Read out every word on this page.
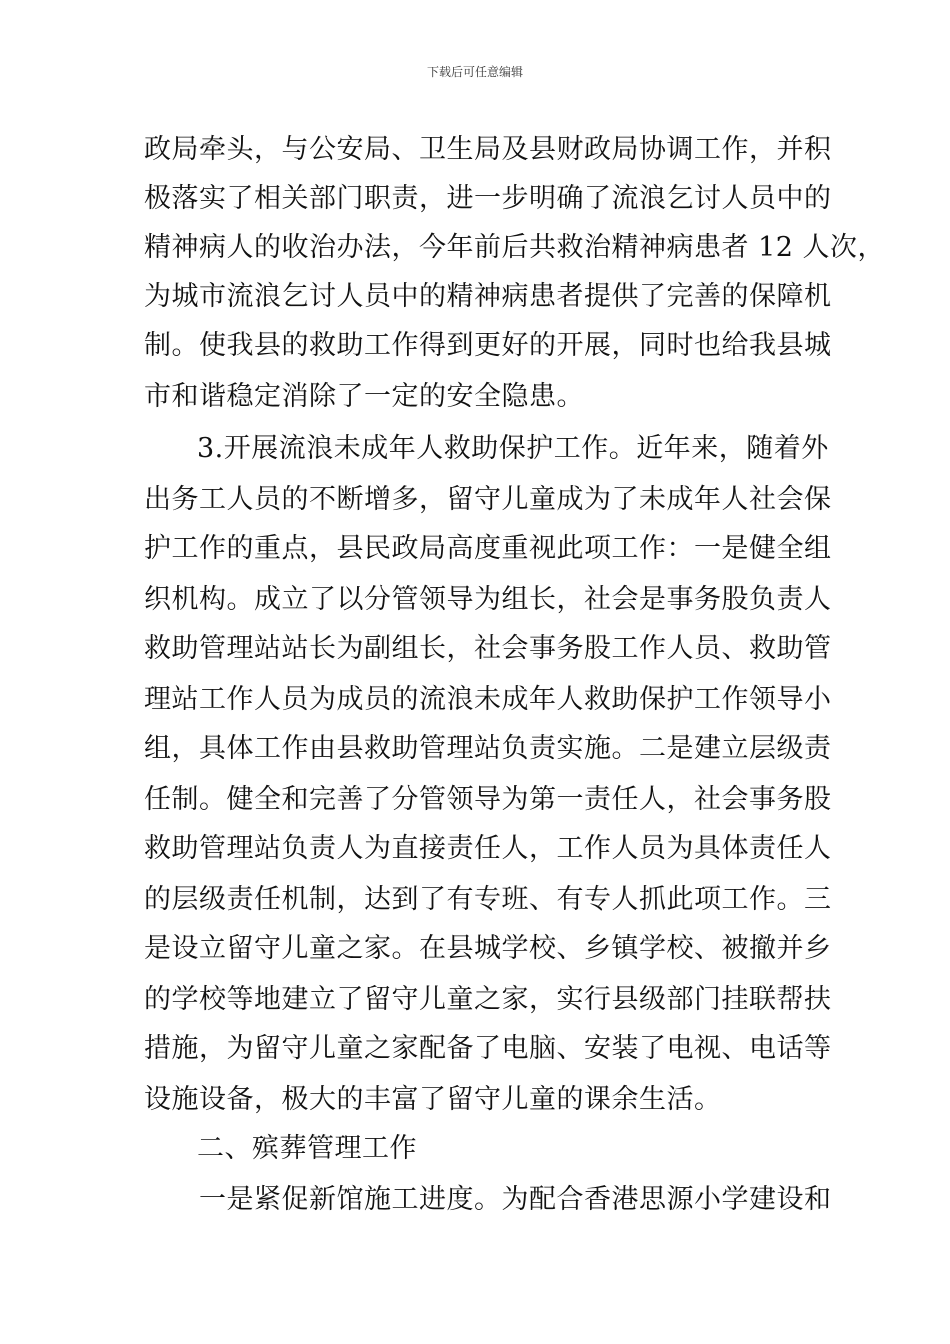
下载后可任意编辑
政局牵头，与公安局、卫生局及县财政局协调工作，并积
极落实了相关部门职责，进一步明确了流浪乞讨人员中的
精神病人的收治办法，今年前后共救治精神病患者 12 人次，
为城市流浪乞讨人员中的精神病患者提供了完善的保障机
制。使我县的救助工作得到更好的开展，同时也给我县城
市和谐稳定消除了一定的安全隐患。
3.开展流浪未成年人救助保护工作。近年来，随着外
出务工人员的不断增多，留守儿童成为了未成年人社会保
护工作的重点，县民政局高度重视此项工作：一是健全组
织机构。成立了以分管领导为组长，社会是事务股负责人
救助管理站站长为副组长，社会事务股工作人员、救助管
理站工作人员为成员的流浪未成年人救助保护工作领导小
组，具体工作由县救助管理站负责实施。二是建立层级责
任制。健全和完善了分管领导为第一责任人，社会事务股
救助管理站负责人为直接责任人，工作人员为具体责任人
的层级责任机制，达到了有专班、有专人抓此项工作。三
是设立留守儿童之家。在县城学校、乡镇学校、被撤并乡
的学校等地建立了留守儿童之家，实行县级部门挂联帮扶
措施，为留守儿童之家配备了电脑、安装了电视、电话等
设施设备，极大的丰富了留守儿童的课余生活。
二、殡葬管理工作
一是紧促新馆施工进度。为配合香港思源小学建设和
